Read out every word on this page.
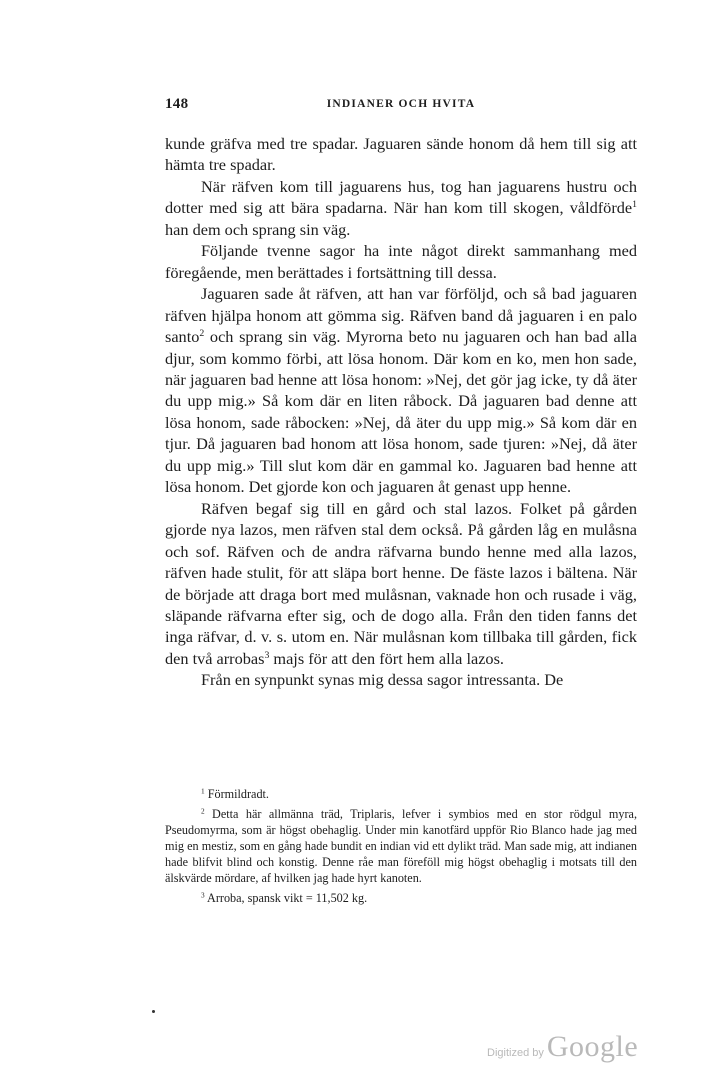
148	INDIANER OCH HVITA

kunde gräfva med tre spadar. Jaguaren sände honom då hem till sig att hämta tre spadar.

När räfven kom till jaguarens hus, tog han jaguarens hustru och dotter med sig att bära spadarna. När han kom till skogen, våldförde$^1$ han dem och sprang sin väg.

Följande tvenne sagor ha inte något direkt sammanhang med föregående, men berättades i fortsättning till dessa.

Jaguaren sade åt räfven, att han var förföljd, och så bad jaguaren räfven hjälpa honom att gömma sig. Räfven band då jaguaren i en palo santo$^2$ och sprang sin väg. Myrorna beto nu jaguaren och han bad alla djur, som kommo förbi, att lösa honom. Där kom en ko, men hon sade, när jaguaren bad henne att lösa honom: »Nej, det gör jag icke, ty då äter du upp mig.» Så kom där en liten råbock. Då jaguaren bad denne att lösa honom, sade råbocken: »Nej, då äter du upp mig.» Så kom där en tjur. Då jaguaren bad honom att lösa honom, sade tjuren: »Nej, då äter du upp mig.» Till slut kom där en gammal ko. Jaguaren bad henne att lösa honom. Det gjorde kon och jaguaren åt genast upp henne.

Räfven begaf sig till en gård och stal lazos. Folket på gården gjorde nya lazos, men räfven stal dem också. På gården låg en mulåsna och sof. Räfven och de andra räfvarna bundo henne med alla lazos, räfven hade stulit, för att släpa bort henne. De fäste lazos i bältena. När de började att draga bort med mulåsnan, vaknade hon och rusade i väg, släpande räfvarna efter sig, och de dogo alla. Från den tiden fanns det inga räfvar, d. v. s. utom en. När mulåsnan kom tillbaka till gården, fick den två arrobas$^3$ majs för att den fört hem alla lazos.

Från en synpunkt synas mig dessa sagor intressanta. De

$^1$ Förmildradt.

$^2$ Detta här allmänna träd, Triplaris, lefver i symbios med en stor rödgul myra, Pseudomyrma, som är högst obehaglig. Under min kanotfärd uppför Rio Blanco hade jag med mig en mestiz, som en gång hade bundit en indian vid ett dylikt träd. Man sade mig, att indianen hade blifvit blind och konstig. Denne råe man föreföll mig högst obehaglig i motsats till den älskvärde mördare, af hvilken jag hade hyrt kanoten.

$^3$ Arroba, spansk vikt = 11,502 kg.

Digitized by Google
